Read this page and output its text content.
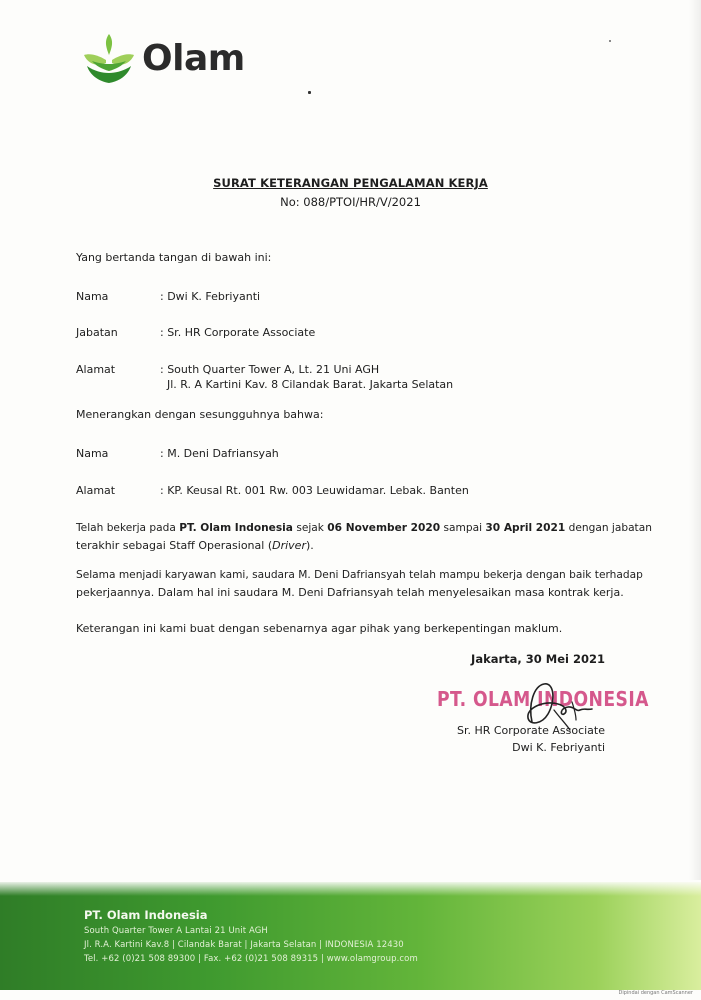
Olam
SURAT KETERANGAN PENGALAMAN KERJA
No: 088/PTOI/HR/V/2021
Yang bertanda tangan di bawah ini:
Nama	: Dwi K. Febriyanti
Jabatan	: Sr. HR Corporate Associate
Alamat	: South Quarter Tower A, Lt. 21 Uni AGH
Jl. R. A Kartini Kav. 8 Cilandak Barat. Jakarta Selatan
Menerangkan dengan sesungguhnya bahwa:
Nama	: M. Deni Dafriansyah
Alamat	: KP. Keusal Rt. 001 Rw. 003 Leuwidamar. Lebak. Banten
Telah bekerja pada PT. Olam Indonesia sejak 06 November 2020 sampai 30 April 2021 dengan jabatan
terakhir sebagai Staff Operasional (Driver).
Selama menjadi karyawan kami, saudara M. Deni Dafriansyah telah mampu bekerja dengan baik terhadap
pekerjaannya. Dalam hal ini saudara M. Deni Dafriansyah telah menyelesaikan masa kontrak kerja.
Keterangan ini kami buat dengan sebenarnya agar pihak yang berkepentingan maklum.
Jakarta, 30 Mei 2021
PT. OLAM INDONESIA
Sr. HR Corporate Associate
Dwi K. Febriyanti
PT. Olam Indonesia
South Quarter Tower A Lantai 21 Unit AGH
Jl. R.A. Kartini Kav.8 | Cilandak Barat | Jakarta Selatan | INDONESIA 12430
Tel. +62 (0)21 508 89300 | Fax. +62 (0)21 508 89315 | www.olamgroup.com
Dipindai dengan CamScanner
